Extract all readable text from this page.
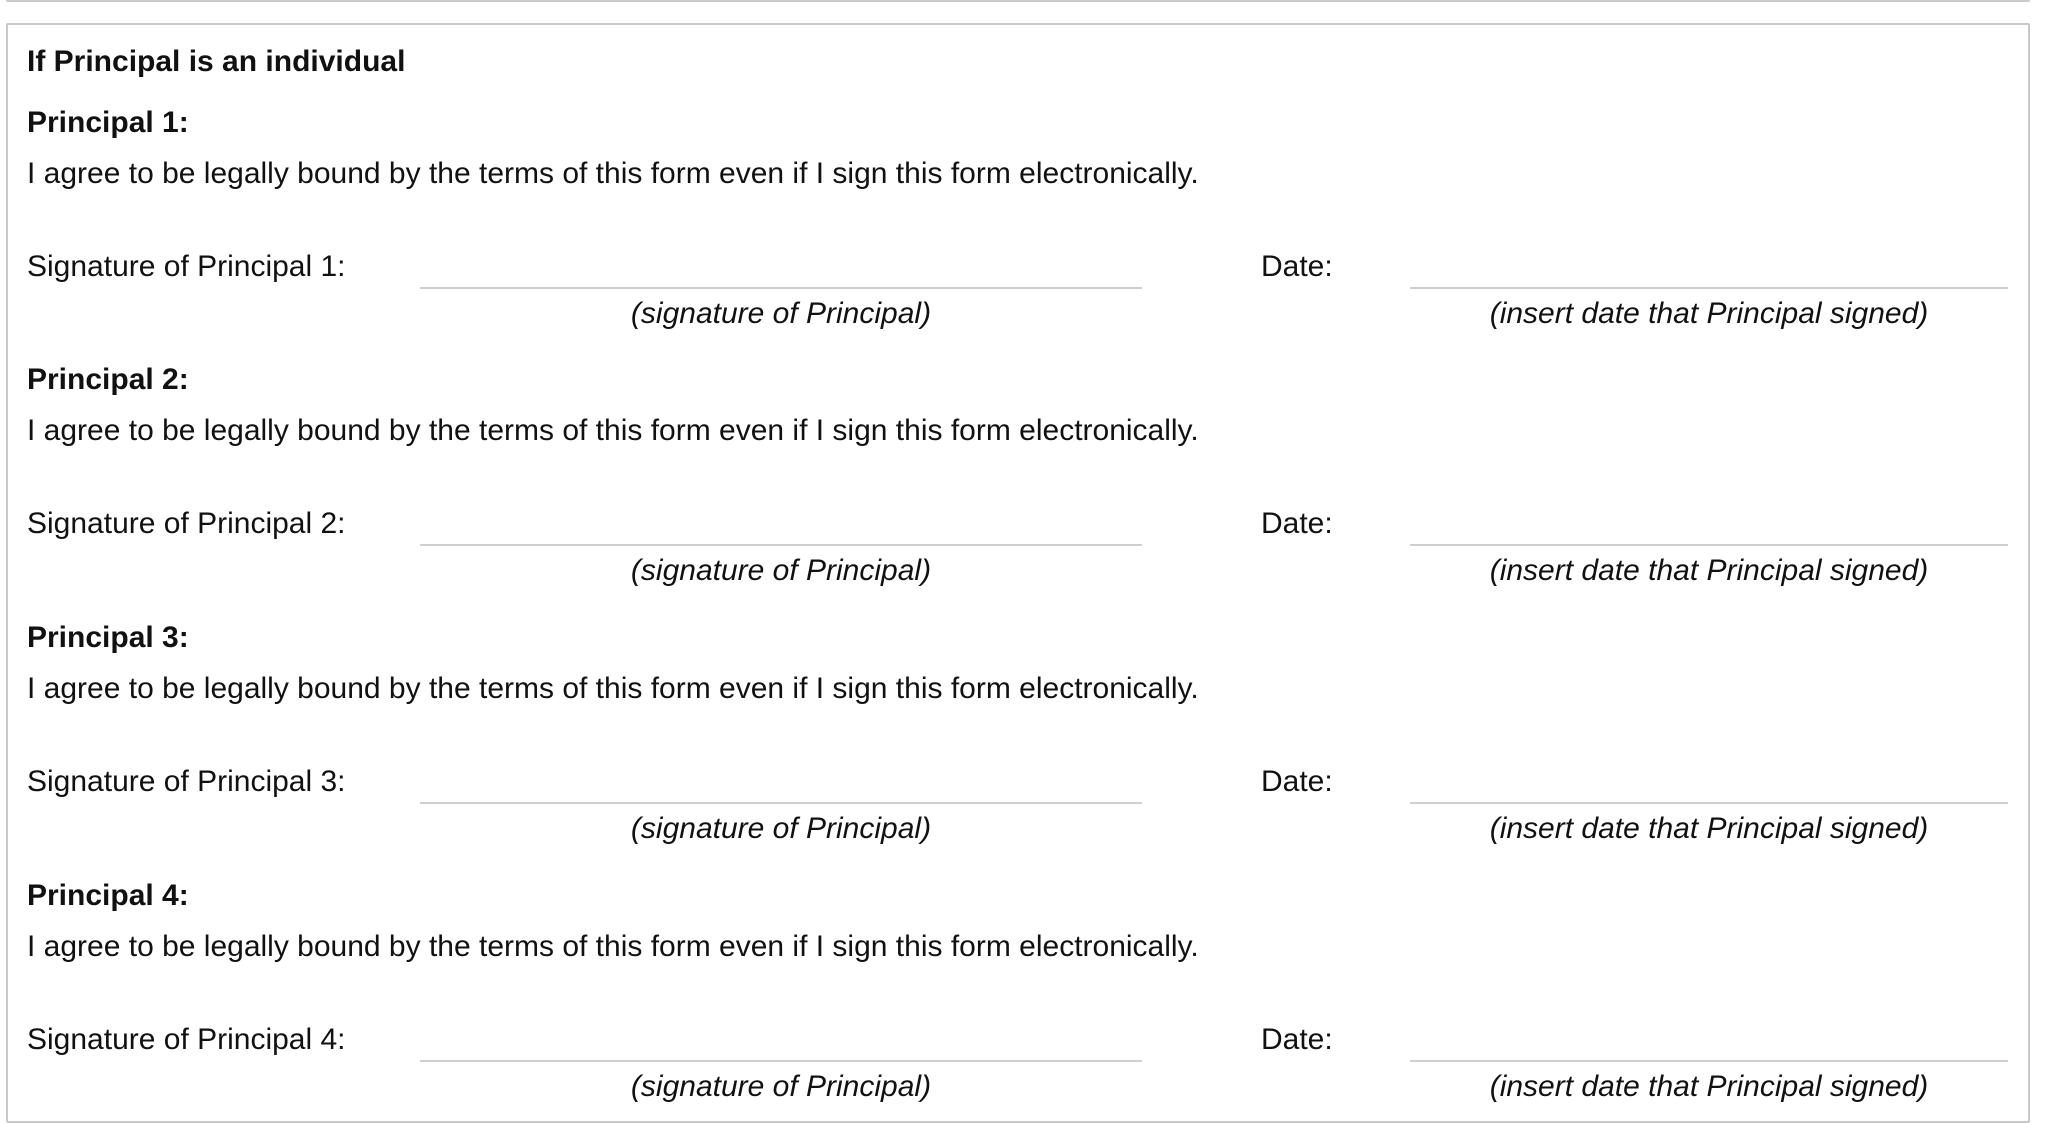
If Principal is an individual
Principal 1:
I agree to be legally bound by the terms of this form even if I sign this form electronically.
Signature of Principal 1:	Date:
(signature of Principal)	(insert date that Principal signed)
Principal 2:
I agree to be legally bound by the terms of this form even if I sign this form electronically.
Signature of Principal 2:	Date:
(signature of Principal)	(insert date that Principal signed)
Principal 3:
I agree to be legally bound by the terms of this form even if I sign this form electronically.
Signature of Principal 3:	Date:
(signature of Principal)	(insert date that Principal signed)
Principal 4:
I agree to be legally bound by the terms of this form even if I sign this form electronically.
Signature of Principal 4:	Date:
(signature of Principal)	(insert date that Principal signed)
